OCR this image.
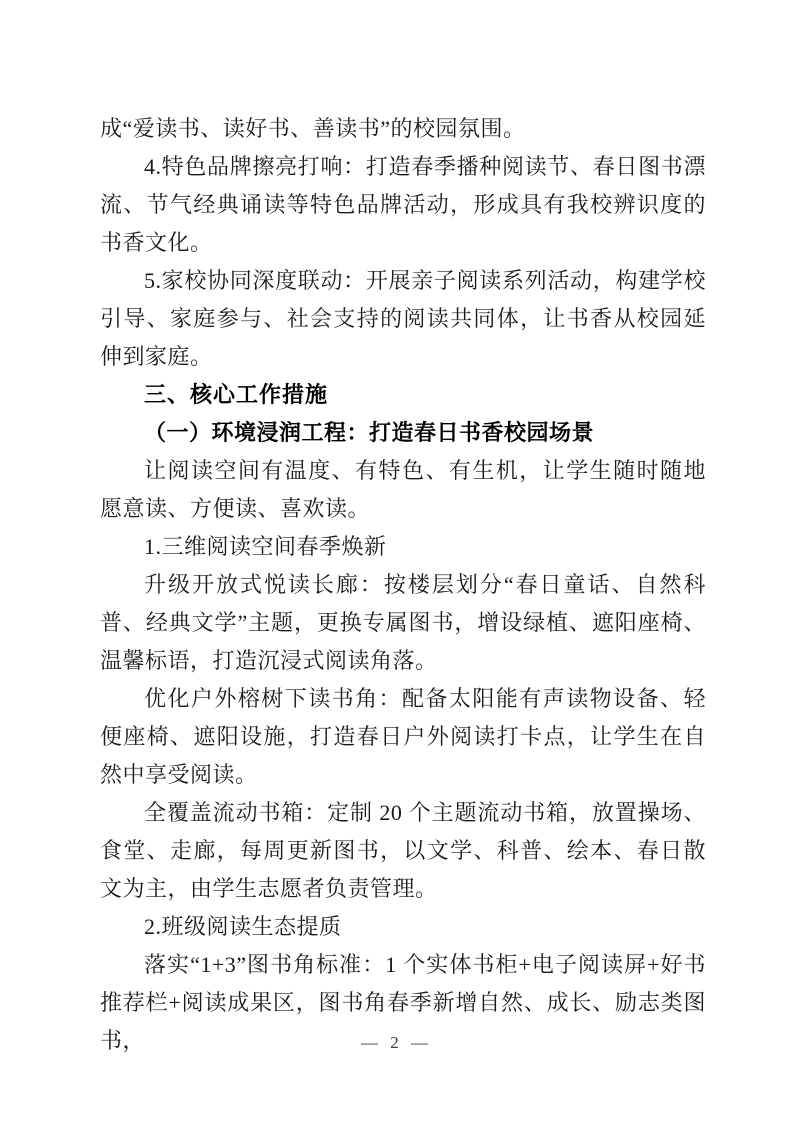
成“爱读书、读好书、善读书”的校园氛围。

4.特色品牌擦亮打响：打造春季播种阅读节、春日图书漂流、节气经典诵读等特色品牌活动，形成具有我校辨识度的书香文化。

5.家校协同深度联动：开展亲子阅读系列活动，构建学校引导、家庭参与、社会支持的阅读共同体，让书香从校园延伸到家庭。

三、核心工作措施

（一）环境浸润工程：打造春日书香校园场景

让阅读空间有温度、有特色、有生机，让学生随时随地愿意读、方便读、喜欢读。

1.三维阅读空间春季焕新

升级开放式悦读长廊：按楼层划分“春日童话、自然科普、经典文学”主题，更换专属图书，增设绿植、遮阳座椅、温馨标语，打造沉浸式阅读角落。

优化户外榕树下读书角：配备太阳能有声读物设备、轻便座椅、遮阳设施，打造春日户外阅读打卡点，让学生在自然中享受阅读。

全覆盖流动书箱：定制 20 个主题流动书箱，放置操场、食堂、走廊，每周更新图书，以文学、科普、绘本、春日散文为主，由学生志愿者负责管理。

2.班级阅读生态提质

落实“1+3”图书角标准：1 个实体书柜+电子阅读屏+好书推荐栏+阅读成果区，图书角春季新增自然、成长、励志类图书，	— 2 —
